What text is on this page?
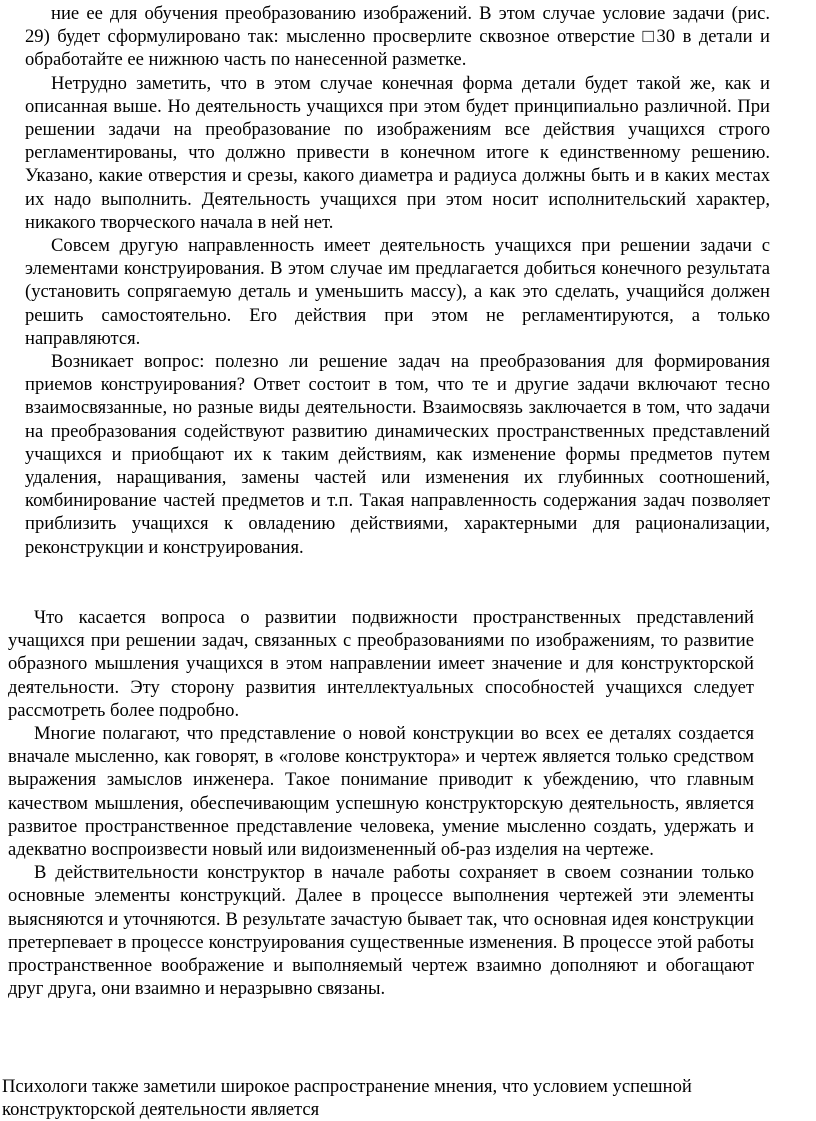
ние ее для обучения преобразованию изображений. В этом случае условие задачи (рис. 29) будет сформулировано так: мысленно просверлите сквозное отверстие □30 в детали и обработайте ее нижнюю часть по нанесенной разметке.

Нетрудно заметить, что в этом случае конечная форма детали будет такой же, как и описанная выше. Но деятельность учащихся при этом будет принципиально различной. При решении задачи на преобразование по изображениям все действия учащихся строго регламентированы, что должно привести в конечном итоге к единственному решению. Указано, какие отверстия и срезы, какого диаметра и радиуса должны быть и в каких местах их надо выполнить. Деятельность учащихся при этом носит исполнительский характер, никакого творческого начала в ней нет.

Совсем другую направленность имеет деятельность учащихся при решении задачи с элементами конструирования. В этом случае им предлагается добиться конечного результата (установить сопрягаемую деталь и уменьшить массу), а как это сделать, учащийся должен решить самостоятельно. Его действия при этом не регламентируются, а только направляются.

Возникает вопрос: полезно ли решение задач на преобразования для формирования приемов конструирования? Ответ состоит в том, что те и другие задачи включают тесно взаимосвязанные, но разные виды деятельности. Взаимосвязь заключается в том, что задачи на преобразования содействуют развитию динамических пространственных представлений учащихся и приобщают их к таким действиям, как изменение формы предметов путем удаления, наращивания, замены частей или изменения их глубинных соотношений, комбинирование частей предметов и т.п. Такая направленность содержания задач позволяет приблизить учащихся к овладению действиями, характерными для рационализации, реконструкции и конструирования.

Что касается вопроса о развитии подвижности пространственных представлений учащихся при решении задач, связанных с преобразованиями по изображениям, то развитие образного мышления учащихся в этом направлении имеет значение и для конструкторской деятельности. Эту сторону развития интеллектуальных способностей учащихся следует рассмотреть более подробно.

Многие полагают, что представление о новой конструкции во всех ее деталях создается вначале мысленно, как говорят, в «голове конструктора» и чертеж является только средством выражения замыслов инженера. Такое понимание приводит к убеждению, что главным качеством мышления, обеспечивающим успешную конструкторскую деятельность, является развитое пространственное представление человека, умение мысленно создать, удержать и адекватно воспроизвести новый или видоизмененный об-раз изделия на чертеже.

В действительности конструктор в начале работы сохраняет в своем сознании только основные элементы конструкций. Далее в процессе выполнения чертежей эти элементы выясняются и уточняются. В результате зачастую бывает так, что основная идея конструкции претерпевает в процессе конструирования существенные изменения. В процессе этой работы пространственное воображение и выполняемый чертеж взаимно дополняют и обогащают друг друга, они взаимно и неразрывно связаны.

Психологи также заметили широкое распространение мнения, что условием успешной конструкторской деятельности является
